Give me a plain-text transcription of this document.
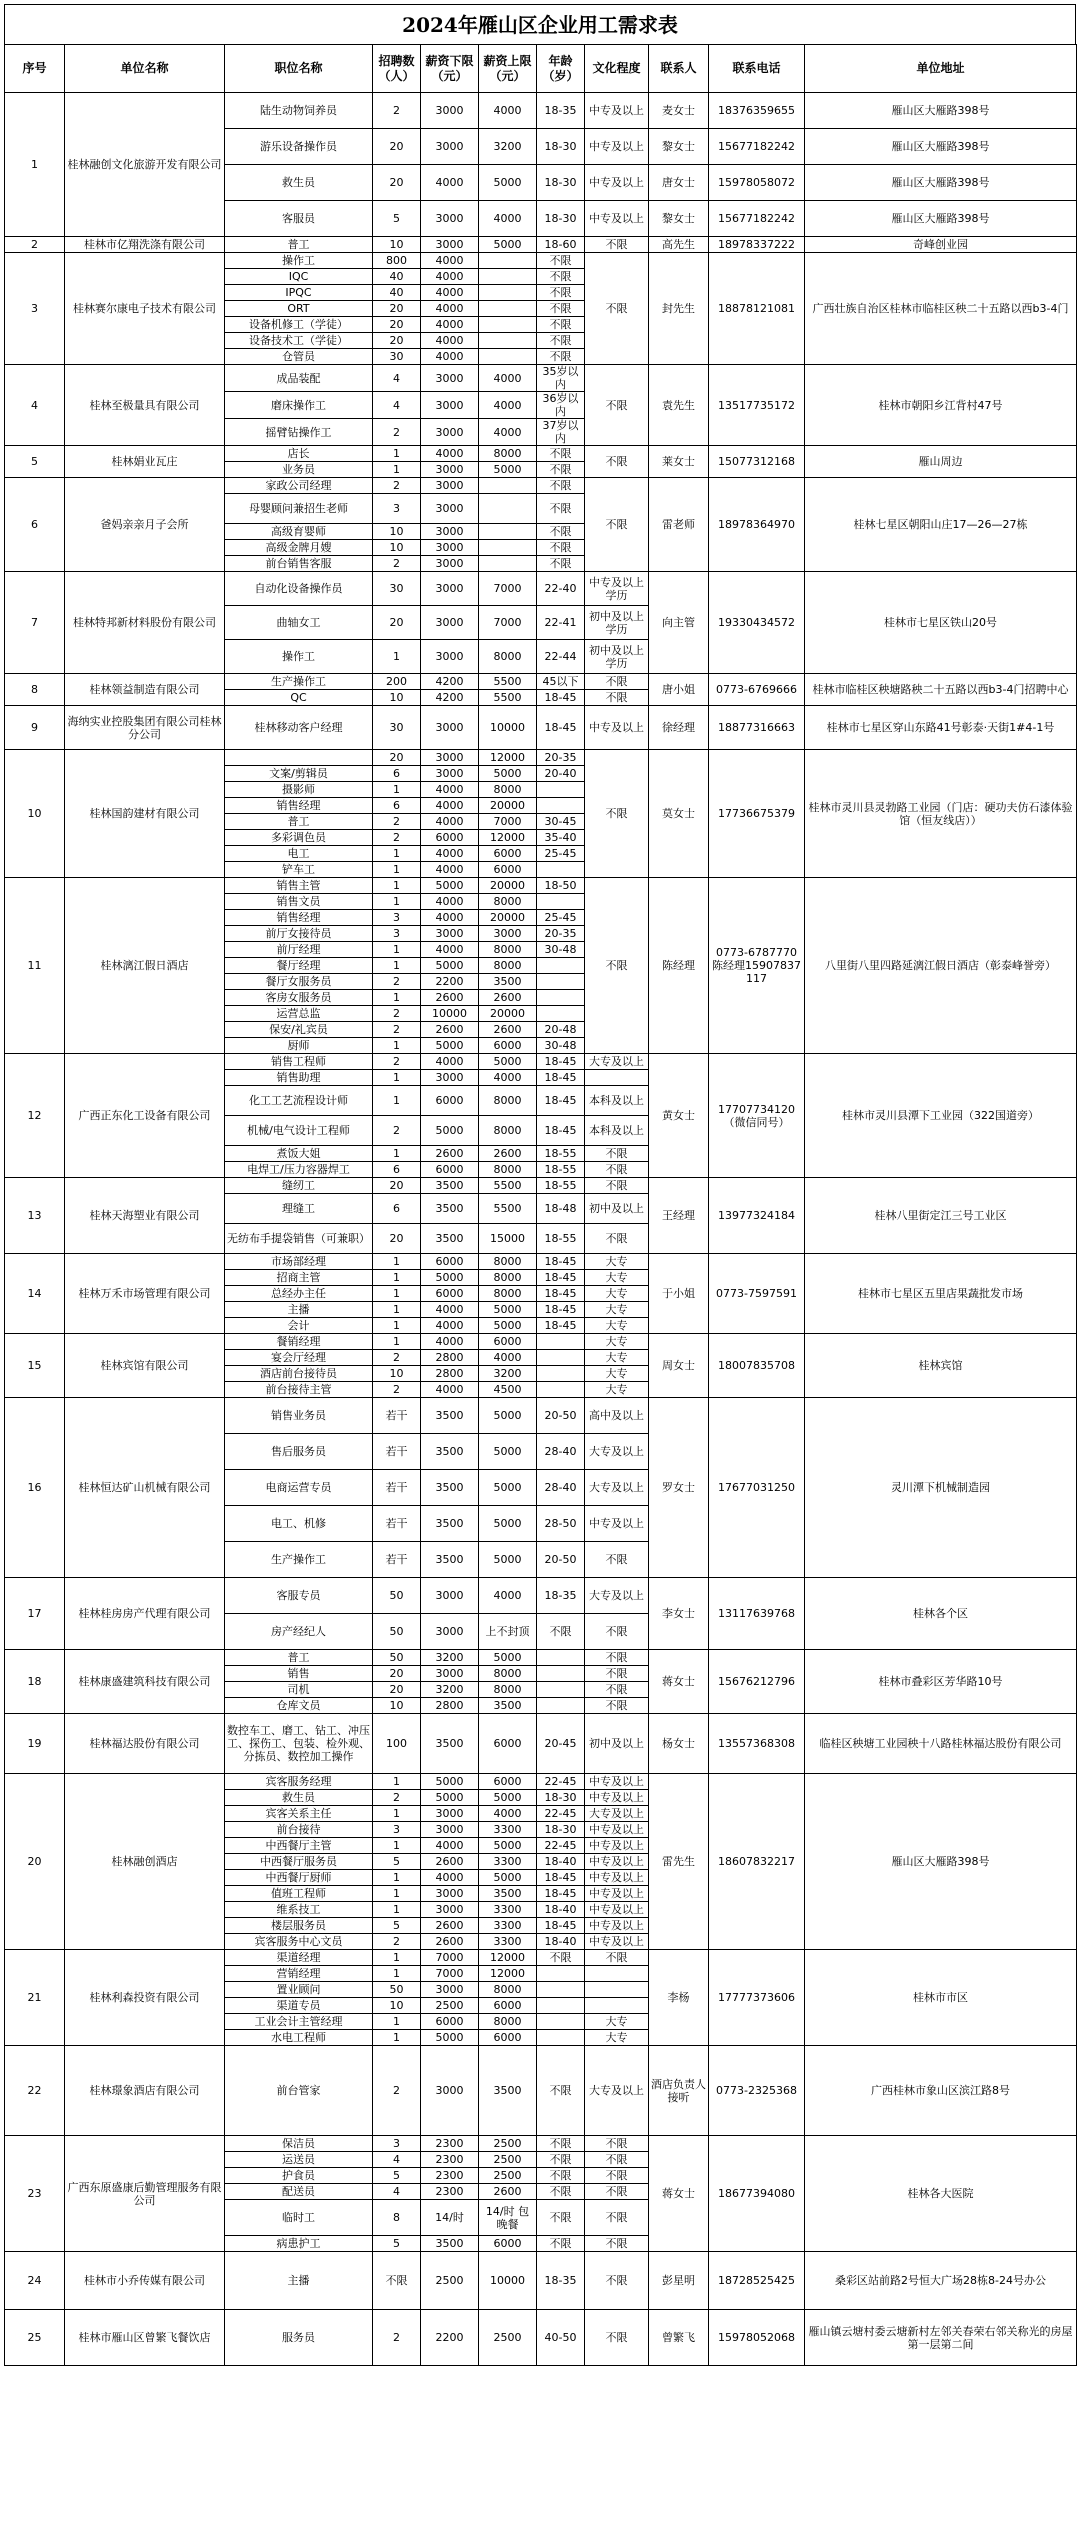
2024年雁山区企业用工需求表
序号	单位名称	职位名称	招聘数（人）	薪资下限（元）	薪资上限（元）	年龄（岁）	文化程度	联系人	联系电话	单位地址
1	桂林融创文化旅游开发有限公司	陆生动物饲养员	2	3000	4000	18-35	中专及以上	麦女士	18376359655	雁山区大雁路398号
		游乐设备操作员	20	3000	3200	18-30	中专及以上	黎女士	15677182242	雁山区大雁路398号
		救生员	20	4000	5000	18-30	中专及以上	唐女士	15978058072	雁山区大雁路398号
		客服员	5	3000	4000	18-30	中专及以上	黎女士	15677182242	雁山区大雁路398号
2	桂林市亿翔洗涤有限公司	普工	10	3000	5000	18-60	不限	高先生	18978337222	奇峰创业园
3	桂林赛尔康电子技术有限公司	操作工	800	4000		不限	不限	封先生	18878121081	广西壮族自治区桂林市临桂区秧二十五路以西b3-4门
		IQC	40	4000		不限				
		IPQC	40	4000		不限				
		ORT	20	4000		不限				
		设备机修工（学徒）	20	4000		不限				
		设备技术工（学徒）	20	4000		不限				
		仓管员	30	4000		不限				
4	桂林至极量具有限公司	成品装配	4	3000	4000	35岁以内	不限	袁先生	13517735172	桂林市朝阳乡江背村47号
		磨床操作工	4	3000	4000	36岁以内				
		摇臂钻操作工	2	3000	4000	37岁以内				
5	桂林娟业瓦庄	店长	1	4000	8000	不限	不限	莱女士	15077312168	雁山周边
		业务员	1	3000	5000	不限				
6	爸妈亲亲月子会所	家政公司经理	2	3000		不限	不限	雷老师	18978364970	桂林七星区朝阳山庄17—26—27栋
		母婴顾问兼招生老师	3	3000		不限				
		高级育婴师	10	3000		不限				
		高级金牌月嫂	10	3000		不限				
		前台销售客服	2	3000		不限				
7	桂林特邦新材料股份有限公司	自动化设备操作员	30	3000	7000	22-40	中专及以上学历	向主管	19330434572	桂林市七星区铁山20号
		曲轴女工	20	3000	7000	22-41	初中及以上学历			
		操作工	1	3000	8000	22-44	初中及以上学历			
8	桂林领益制造有限公司	生产操作工	200	4200	5500	45以下	不限	唐小姐	0773-6769666	桂林市临桂区秧塘路秧二十五路以西b3-4门招聘中心
		QC	10	4200	5500	18-45	不限			
9	海纳实业控股集团有限公司桂林分公司	桂林移动客户经理	30	3000	10000	18-45	中专及以上	徐经理	18877316663	桂林市七星区穿山东路41号彰泰·天街1#4-1号
10	桂林国韵建材有限公司		20	3000	12000	20-35	不限	莫女士	17736675379	桂林市灵川县灵勃路工业园（门店：硬功夫仿石漆体验馆（恒友线店））
		文案/剪辑员	6	3000	5000	20-40				
		摄影师	1	4000	8000					
		销售经理	6	4000	20000					
		普工	2	4000	7000	30-45				
		多彩调色员	2	6000	12000	35-40				
		电工	1	4000	6000	25-45				
		铲车工	1	4000	6000					
11	桂林漓江假日酒店	销售主管	1	5000	20000	18-50	不限	陈经理	0773-6787770陈经理15907837117	八里街八里四路延漓江假日酒店（彰泰峰誉旁）
		销售文员	1	4000	8000					
		销售经理	3	4000	20000	25-45				
		前厅女接待员	3	3000	3000	20-35				
		前厅经理	1	4000	8000	30-48				
		餐厅经理	1	5000	8000					
		餐厅女服务员	2	2200	3500					
		客房女服务员	1	2600	2600					
		运营总监	2	10000	20000					
		保安/礼宾员	2	2600	2600	20-48				
		厨师	1	5000	6000	30-48				
12	广西正东化工设备有限公司	销售工程师	2	4000	5000	18-45	大专及以上	黄女士	17707734120（微信同号）	桂林市灵川县潭下工业园（322国道旁）
		销售助理	1	3000	4000	18-45				
		化工工艺流程设计师	1	6000	8000	18-45	本科及以上			
		机械/电气设计工程师	2	5000	8000	18-45	本科及以上			
		煮饭大姐	1	2600	2600	18-55	不限			
		电焊工/压力容器焊工	6	6000	8000	18-55	不限			
13	桂林天海塑业有限公司	缝纫工	20	3500	5500	18-55	不限	王经理	13977324184	桂林八里街定江三号工业区
		理缝工	6	3500	5500	18-48	初中及以上			
		无纺布手提袋销售（可兼职）	20	3500	15000	18-55	不限			
14	桂林万禾市场管理有限公司	市场部经理	1	6000	8000	18-45	大专	于小姐	0773-7597591	桂林市七星区五里店果蔬批发市场
		招商主管	1	5000	8000	18-45	大专			
		总经办主任	1	6000	8000	18-45	大专			
		主播	1	4000	5000	18-45	大专			
		会计	1	4000	5000	18-45	大专			
15	桂林宾馆有限公司	餐销经理	1	4000	6000		大专	周女士	18007835708	桂林宾馆
		宴会厅经理	2	2800	4000		大专			
		酒店前台接待员	10	2800	3200		大专			
		前台接待主管	2	4000	4500		大专			
16	桂林恒达矿山机械有限公司	销售业务员	若干	3500	5000	20-50	高中及以上	罗女士	17677031250	灵川潭下机械制造园
		售后服务员	若干	3500	5000	28-40	大专及以上			
		电商运营专员	若干	3500	5000	28-40	大专及以上			
		电工、机修	若干	3500	5000	28-50	中专及以上			
		生产操作工	若干	3500	5000	20-50	不限			
17	桂林桂房房产代理有限公司	客服专员	50	3000	4000	18-35	大专及以上	李女士	13117639768	桂林各个区
		房产经纪人	50	3000	上不封顶	不限	不限			
18	桂林康盛建筑科技有限公司	普工	50	3200	5000		不限	蒋女士	15676212796	桂林市叠彩区芳华路10号
		销售	20	3000	8000		不限			
		司机	20	3200	8000		不限			
		仓库文员	10	2800	3500		不限			
19	桂林福达股份有限公司	数控车工、磨工、钻工、冲压工、探伤工、包装、检外观、分拣员、数控加工操作	100	3500	6000	20-45	初中及以上	杨女士	13557368308	临桂区秧塘工业园秧十八路桂林福达股份有限公司
20	桂林融创酒店	宾客服务经理	1	5000	6000	22-45	中专及以上	雷先生	18607832217	雁山区大雁路398号
		救生员	2	5000	5000	18-30	中专及以上			
		宾客关系主任	1	3000	4000	22-45	大专及以上			
		前台接待	3	3000	3300	18-30	中专及以上			
		中西餐厅主管	1	4000	5000	22-45	中专及以上			
		中西餐厅服务员	5	2600	3300	18-40	中专及以上			
		中西餐厅厨师	1	4000	5000	18-45	中专及以上			
		值班工程师	1	3000	3500	18-45	中专及以上			
		维系技工	1	3000	3300	18-40	中专及以上			
		楼层服务员	5	2600	3300	18-45	中专及以上			
		宾客服务中心文员	2	2600	3300	18-40	中专及以上			
21	桂林利森投资有限公司	渠道经理	1	7000	12000	不限	不限	李杨	17777373606	桂林市市区
		营销经理	1	7000	12000					
		置业顾问	50	3000	8000					
		渠道专员	10	2500	6000					
		工业会计主管经理	1	6000	8000		大专			
		水电工程师	1	5000	6000		大专			
22	桂林璟象酒店有限公司	前台管家	2	3000	3500	不限	大专及以上	酒店负责人接听	0773-2325368	广西桂林市象山区滨江路8号
23	广西东原盛康后勤管理服务有限公司	保洁员	3	2300	2500	不限	不限	蒋女士	18677394080	桂林各大医院
		运送员	4	2300	2500	不限	不限			
		护食员	5	2300	2500	不限	不限			
		配送员	4	2300	2600	不限	不限			
		临时工	8	14/时	14/时 包晚餐	不限	不限			
		病患护工	5	3500	6000	不限	不限			
24	桂林市小乔传媒有限公司	主播	不限	2500	10000	18-35	不限	彭星明	18728525425	桑彩区站前路2号恒大广场28栋8-24号办公
25	桂林市雁山区曾繁飞餐饮店	服务员	2	2200	2500	40-50	不限	曾繁飞	15978052068	雁山镇云塘村委云塘新村左邻关春荣右邻关称光的房屋第一层第二间
